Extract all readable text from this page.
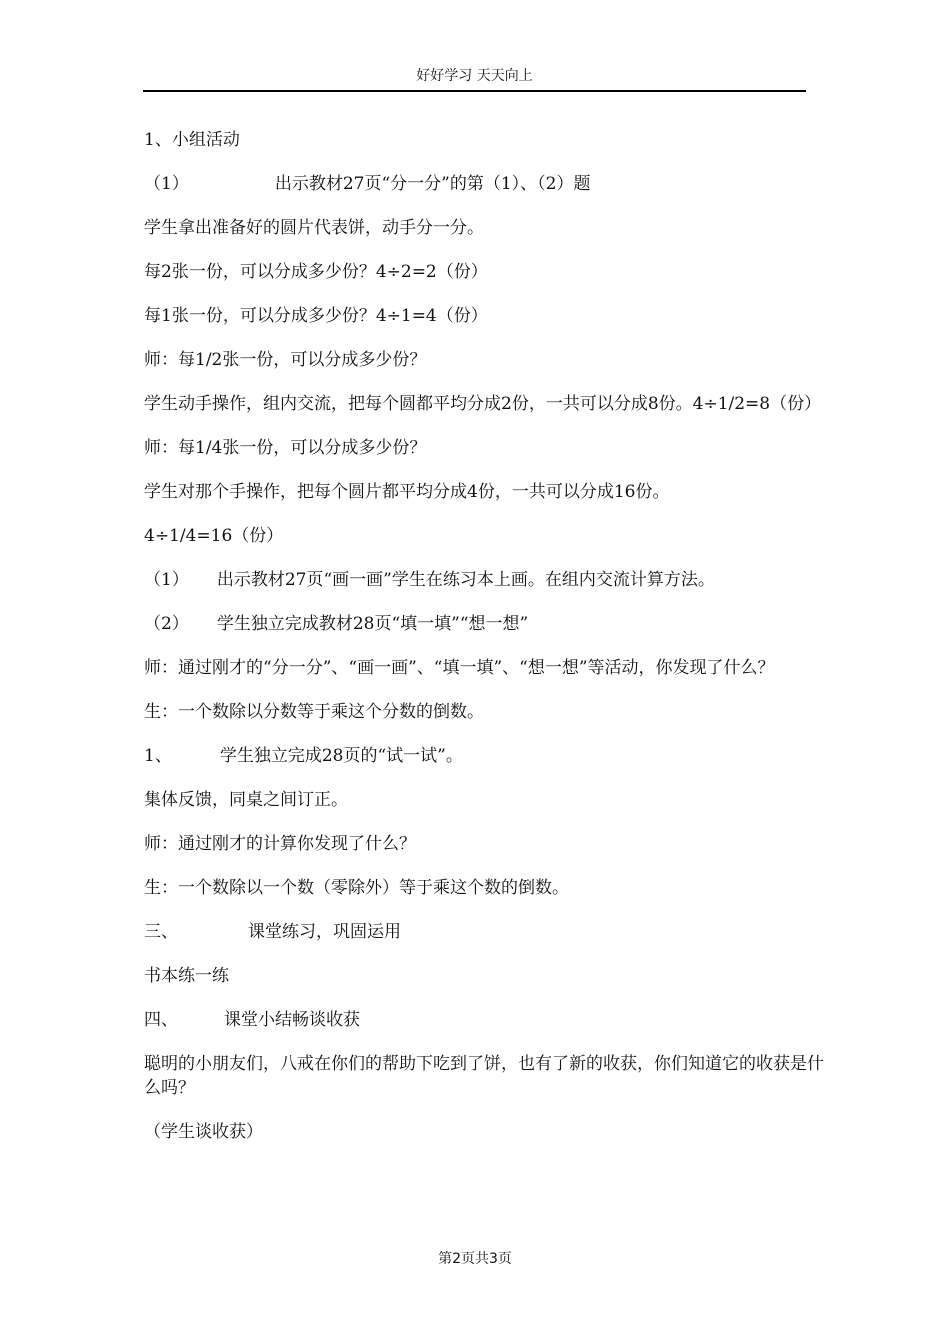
好好学习 天天向上

1、小组活动

（1）	出示教材27页“分一分”的第（1）、（2）题

学生拿出准备好的圆片代表饼，动手分一分。

每2张一份，可以分成多少份？4÷2=2（份）

每1张一份，可以分成多少份？4÷1=4（份）

师：每1/2张一份，可以分成多少份？

学生动手操作，组内交流，把每个圆都平均分成2份，一共可以分成8份。4÷1/2=8（份）

师：每1/4张一份，可以分成多少份？

学生对那个手操作，把每个圆片都平均分成4份，一共可以分成16份。

4÷1/4=16（份）

（1） 出示教材27页“画一画”学生在练习本上画。在组内交流计算方法。

（2） 学生独立完成教材28页“填一填”“想一想”

师：通过刚才的“分一分”、“画一画”、“填一填”、“想一想”等活动，你发现了什么？

生：一个数除以分数等于乘这个分数的倒数。

1、	学生独立完成28页的“试一试”。

集体反馈，同桌之间订正。

师：通过刚才的计算你发现了什么？

生：一个数除以一个数（零除外）等于乘这个数的倒数。

三、	课堂练习，巩固运用

书本练一练

四、	课堂小结畅谈收获

聪明的小朋友们，八戒在你们的帮助下吃到了饼，也有了新的收获，你们知道它的收获是什么吗？

（学生谈收获）

第2页共3页
